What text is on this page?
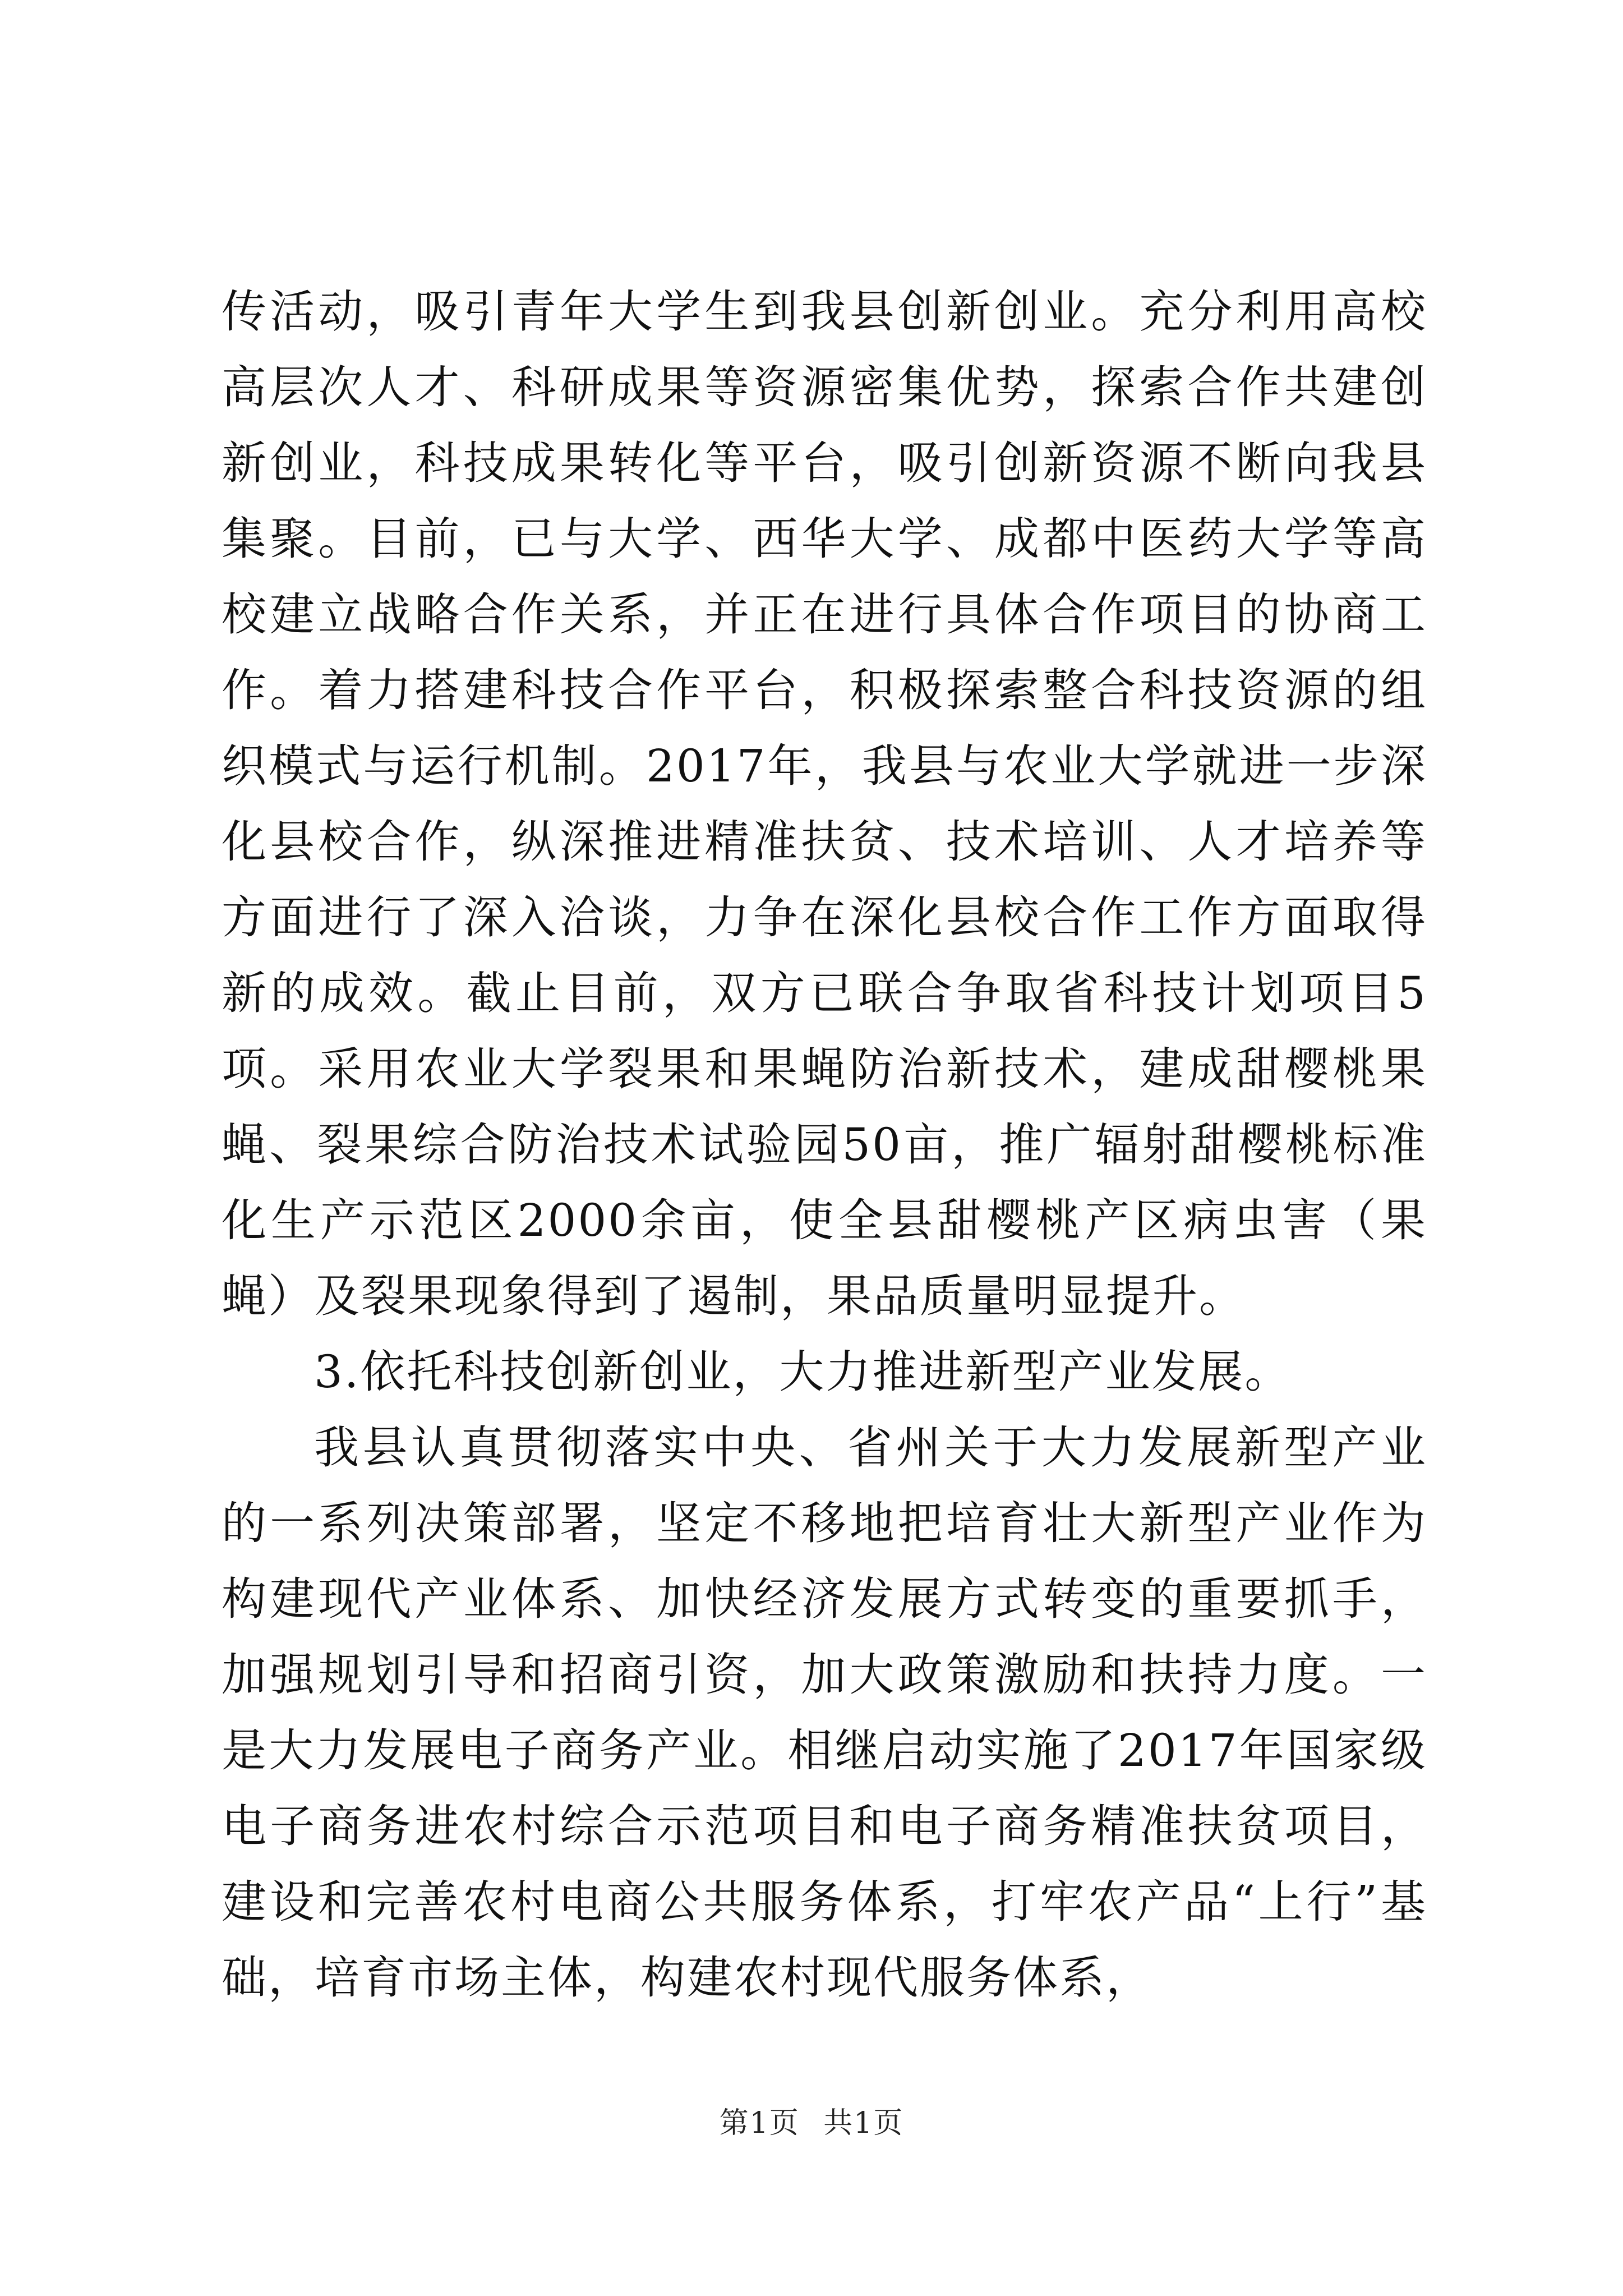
传活动，吸引青年大学生到我县创新创业。充分利用高校高层次人才、科研成果等资源密集优势，探索合作共建创新创业，科技成果转化等平台，吸引创新资源不断向我县集聚。目前，已与大学、西华大学、成都中医药大学等高校建立战略合作关系，并正在进行具体合作项目的协商工作。着力搭建科技合作平台，积极探索整合科技资源的组织模式与运行机制。2017年，我县与农业大学就进一步深化县校合作，纵深推进精准扶贫、技术培训、人才培养等方面进行了深入洽谈，力争在深化县校合作工作方面取得新的成效。截止目前，双方已联合争取省科技计划项目5项。采用农业大学裂果和果蝇防治新技术，建成甜樱桃果蝇、裂果综合防治技术试验园50亩，推广辐射甜樱桃标准化生产示范区2000余亩，使全县甜樱桃产区病虫害（果蝇）及裂果现象得到了遏制，果品质量明显提升。

3.依托科技创新创业，大力推进新型产业发展。

我县认真贯彻落实中央、省州关于大力发展新型产业的一系列决策部署，坚定不移地把培育壮大新型产业作为构建现代产业体系、加快经济发展方式转变的重要抓手，加强规划引导和招商引资，加大政策激励和扶持力度。一是大力发展电子商务产业。相继启动实施了2017年国家级电子商务进农村综合示范项目和电子商务精准扶贫项目，建设和完善农村电商公共服务体系，打牢农产品“上行”基础，培育市场主体，构建农村现代服务体系，

第1页 共1页
